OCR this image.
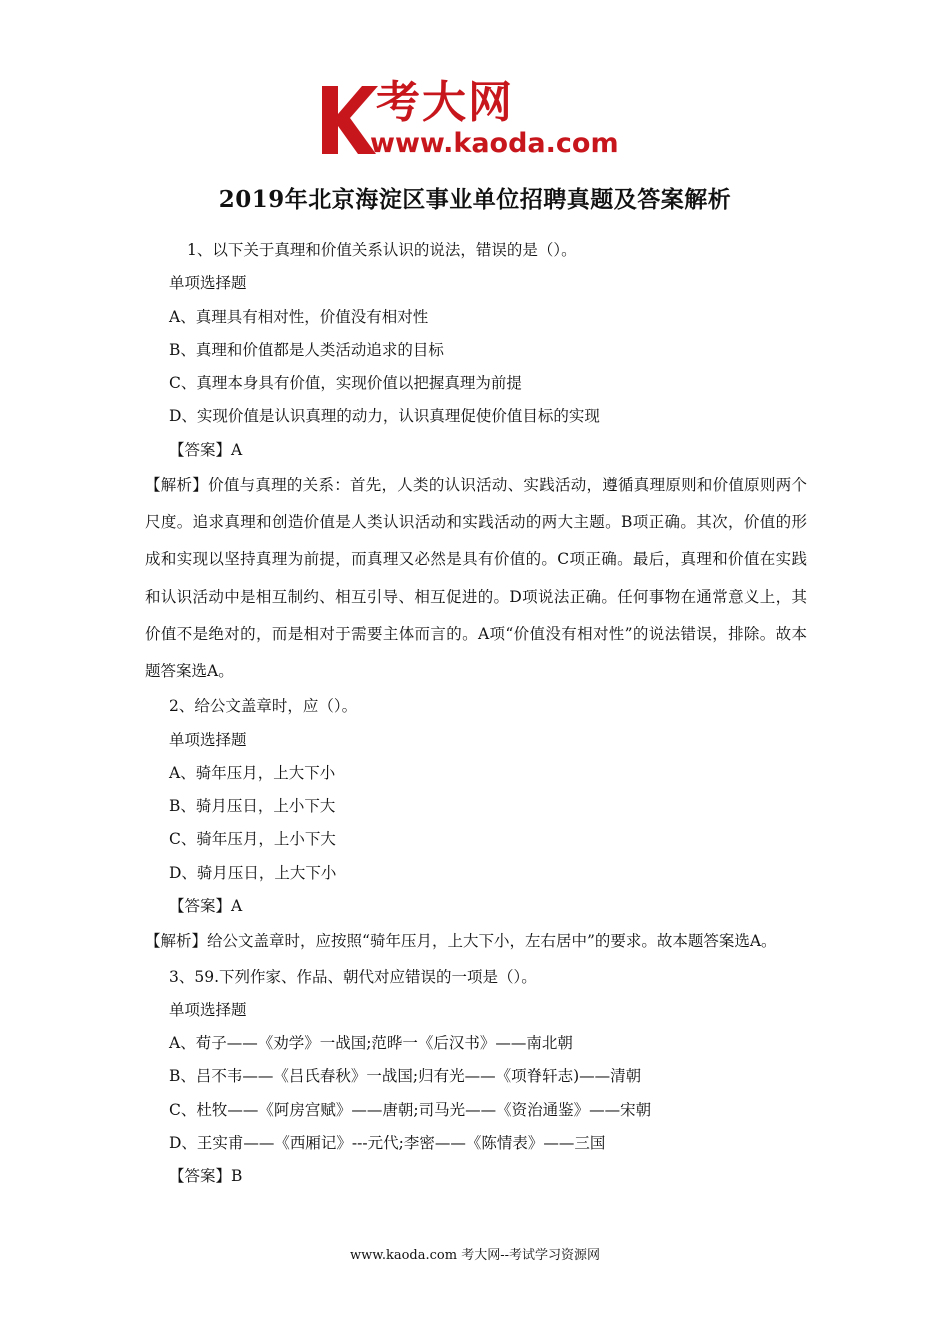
考大网
www.kaoda.com
2019年北京海淀区事业单位招聘真题及答案解析
1、以下关于真理和价值关系认识的说法，错误的是（）。
单项选择题
A、真理具有相对性，价值没有相对性
B、真理和价值都是人类活动追求的目标
C、真理本身具有价值，实现价值以把握真理为前提
D、实现价值是认识真理的动力，认识真理促使价值目标的实现
【答案】A
【解析】价值与真理的关系：首先，人类的认识活动、实践活动，遵循真理原则和价值原则两个尺度。追求真理和创造价值是人类认识活动和实践活动的两大主题。B项正确。其次，价值的形成和实现以坚持真理为前提，而真理又必然是具有价值的。C项正确。最后，真理和价值在实践和认识活动中是相互制约、相互引导、相互促进的。D项说法正确。任何事物在通常意义上，其价值不是绝对的，而是相对于需要主体而言的。A项“价值没有相对性”的说法错误，排除。故本题答案选A。
2、给公文盖章时，应（）。
单项选择题
A、骑年压月，上大下小
B、骑月压日，上小下大
C、骑年压月，上小下大
D、骑月压日，上大下小
【答案】A
【解析】给公文盖章时，应按照“骑年压月，上大下小，左右居中”的要求。故本题答案选A。
3、59.下列作家、作品、朝代对应错误的一项是（）。
单项选择题
A、荀子——《劝学》一战国;范晔一《后汉书》——南北朝
B、吕不韦——《吕氏春秋》一战国;归有光——《项脊轩志)——清朝
C、杜牧——《阿房宫赋》——唐朝;司马光——《资治通鉴》——宋朝
D、王实甫——《西厢记》---元代;李密——《陈情表》——三国
【答案】B
www.kaoda.com 考大网--考试学习资源网
